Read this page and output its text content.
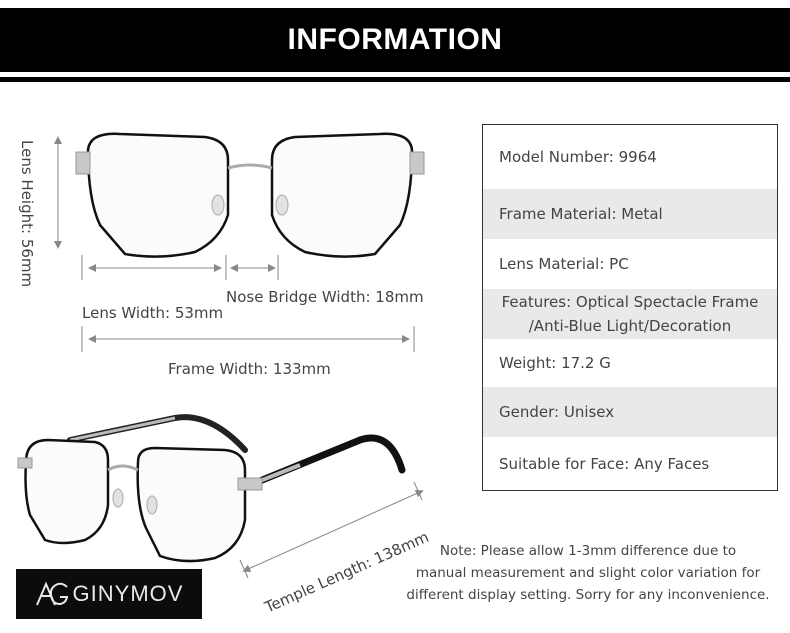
INFORMATION
Lens Height: 56mm
Nose Bridge Width: 18mm
Lens Width: 53mm
Frame Width: 133mm
Temple Length: 138mm
Model Number: 9964
Frame Material: Metal
Lens Material: PC
Features: Optical Spectacle Frame
/Anti-Blue Light/Decoration
Weight: 17.2 G
Gender: Unisex
Suitable for Face: Any Faces
Note: Please allow 1-3mm difference due to
manual measurement and slight color variation for
different display setting. Sorry for any inconvenience.
GINYMOV
